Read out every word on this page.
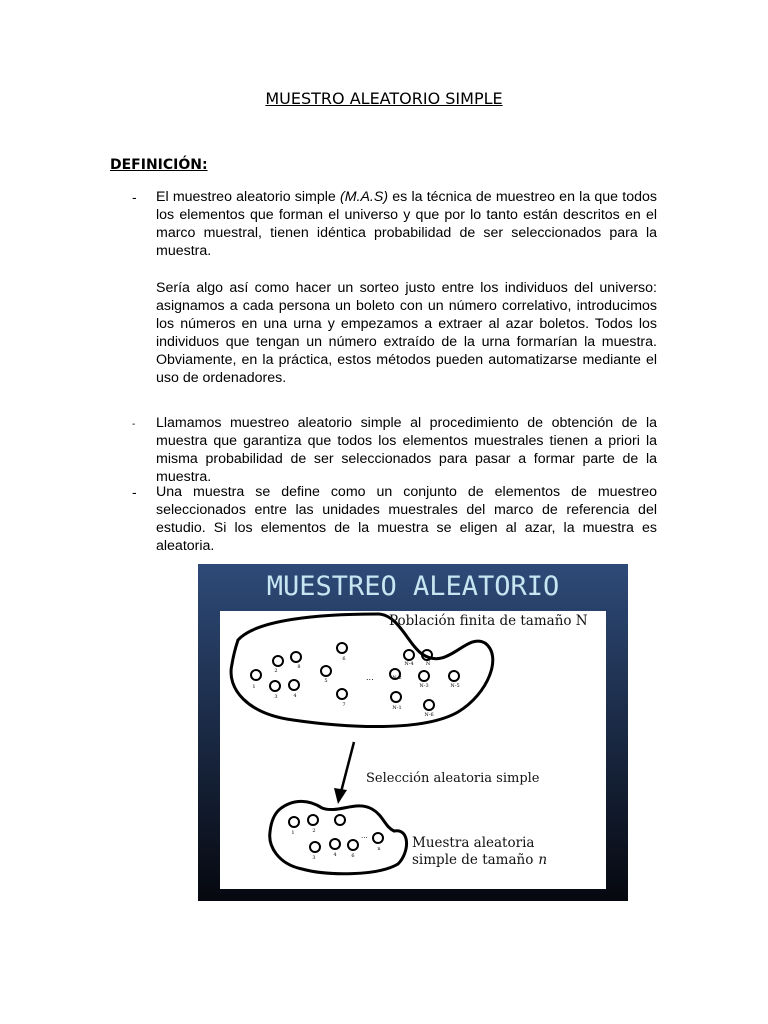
MUESTRO ALEATORIO SIMPLE
DEFINICIÓN:
- El muestreo aleatorio simple (M.A.S) es la técnica de muestreo en la que todos los elementos que forman el universo y que por lo tanto están descritos en el marco muestral, tienen idéntica probabilidad de ser seleccionados para la muestra.
Sería algo así como hacer un sorteo justo entre los individuos del universo: asignamos a cada persona un boleto con un número correlativo, introducimos los números en una urna y empezamos a extraer al azar boletos. Todos los individuos que tengan un número extraído de la urna formarían la muestra. Obviamente, en la práctica, estos métodos pueden automatizarse mediante el uso de ordenadores.
- Llamamos muestreo aleatorio simple al procedimiento de obtención de la muestra que garantiza que todos los elementos muestrales tienen a priori la misma probabilidad de ser seleccionados para pasar a formar parte de la muestra.
- Una muestra se define como un conjunto de elementos de muestreo seleccionados entre las unidades muestrales del marco de referencia del estudio. Si los elementos de la muestra se eligen al azar, la muestra es aleatoria.
MUESTREO ALEATORIO
Población finita de tamaño N
1
2
3	4
5
6
7
8	N-4 N
N-3	N-5
N-2
N-1
N-6
...
Selección aleatoria simple
1	2
3	4	6
n
...	Muestra aleatoria
simple de tamaño n
